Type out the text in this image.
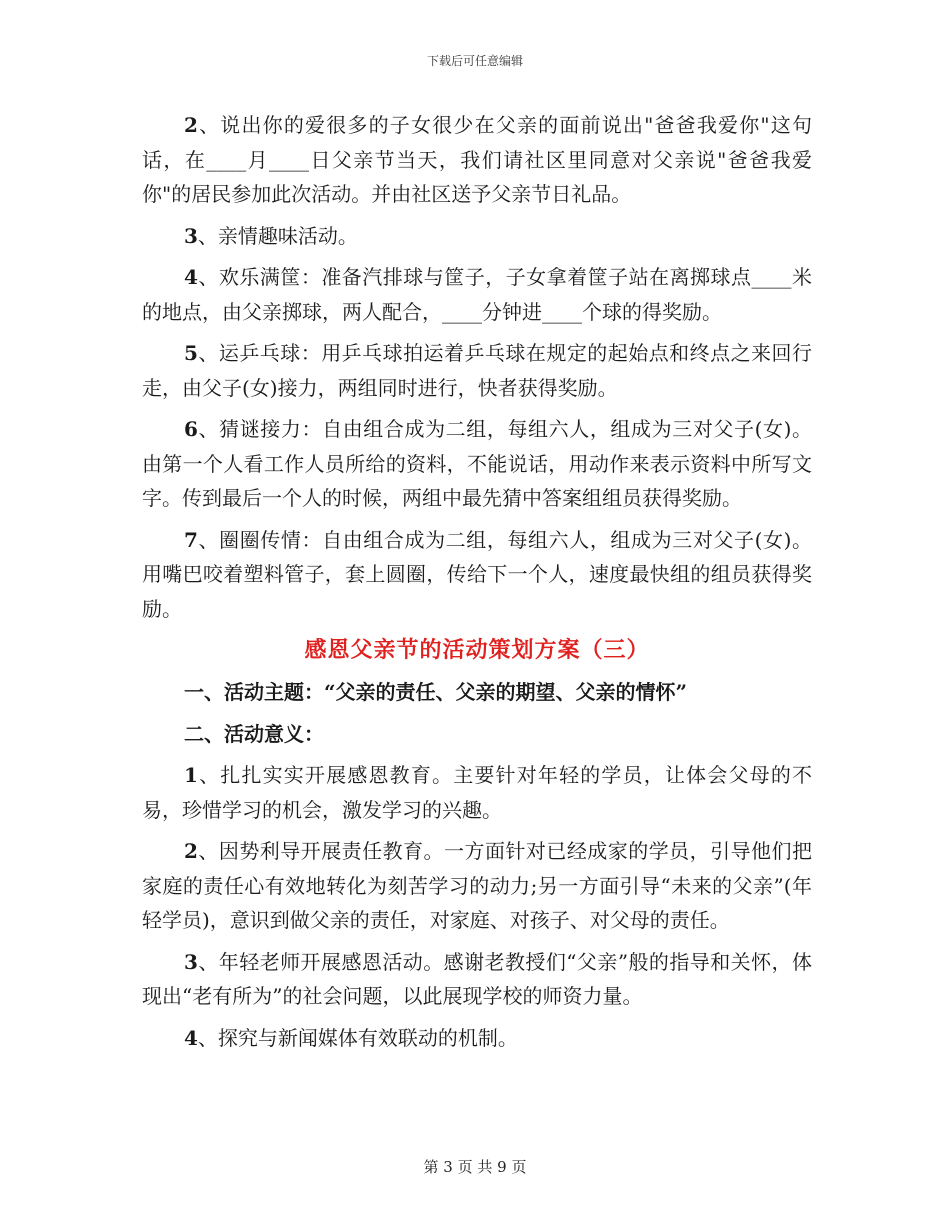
下载后可任意编辑

2、说出你的爱很多的子女很少在父亲的面前说出"爸爸我爱你"这句话，在____月____日父亲节当天，我们请社区里同意对父亲说"爸爸我爱你"的居民参加此次活动。并由社区送予父亲节日礼品。

3、亲情趣味活动。

4、欢乐满筐：准备汽排球与筐子，子女拿着筐子站在离掷球点____米的地点，由父亲掷球，两人配合，____分钟进____个球的得奖励。

5、运乒乓球：用乒乓球拍运着乒乓球在规定的起始点和终点之来回行走，由父子(女)接力，两组同时进行，快者获得奖励。

6、猜谜接力：自由组合成为二组，每组六人，组成为三对父子(女)。由第一个人看工作人员所给的资料，不能说话，用动作来表示资料中所写文字。传到最后一个人的时候，两组中最先猜中答案组组员获得奖励。

7、圈圈传情：自由组合成为二组，每组六人，组成为三对父子(女)。用嘴巴咬着塑料管子，套上圆圈，传给下一个人，速度最快组的组员获得奖励。

感恩父亲节的活动策划方案（三）

一、活动主题：“父亲的责任、父亲的期望、父亲的情怀”

二、活动意义：

1、扎扎实实开展感恩教育。主要针对年轻的学员，让体会父母的不易，珍惜学习的机会，激发学习的兴趣。

2、因势利导开展责任教育。一方面针对已经成家的学员，引导他们把家庭的责任心有效地转化为刻苦学习的动力;另一方面引导“未来的父亲”(年轻学员)，意识到做父亲的责任，对家庭、对孩子、对父母的责任。

3、年轻老师开展感恩活动。感谢老教授们“父亲”般的指导和关怀，体现出“老有所为”的社会问题，以此展现学校的师资力量。

4、探究与新闻媒体有效联动的机制。

第 3 页 共 9 页
